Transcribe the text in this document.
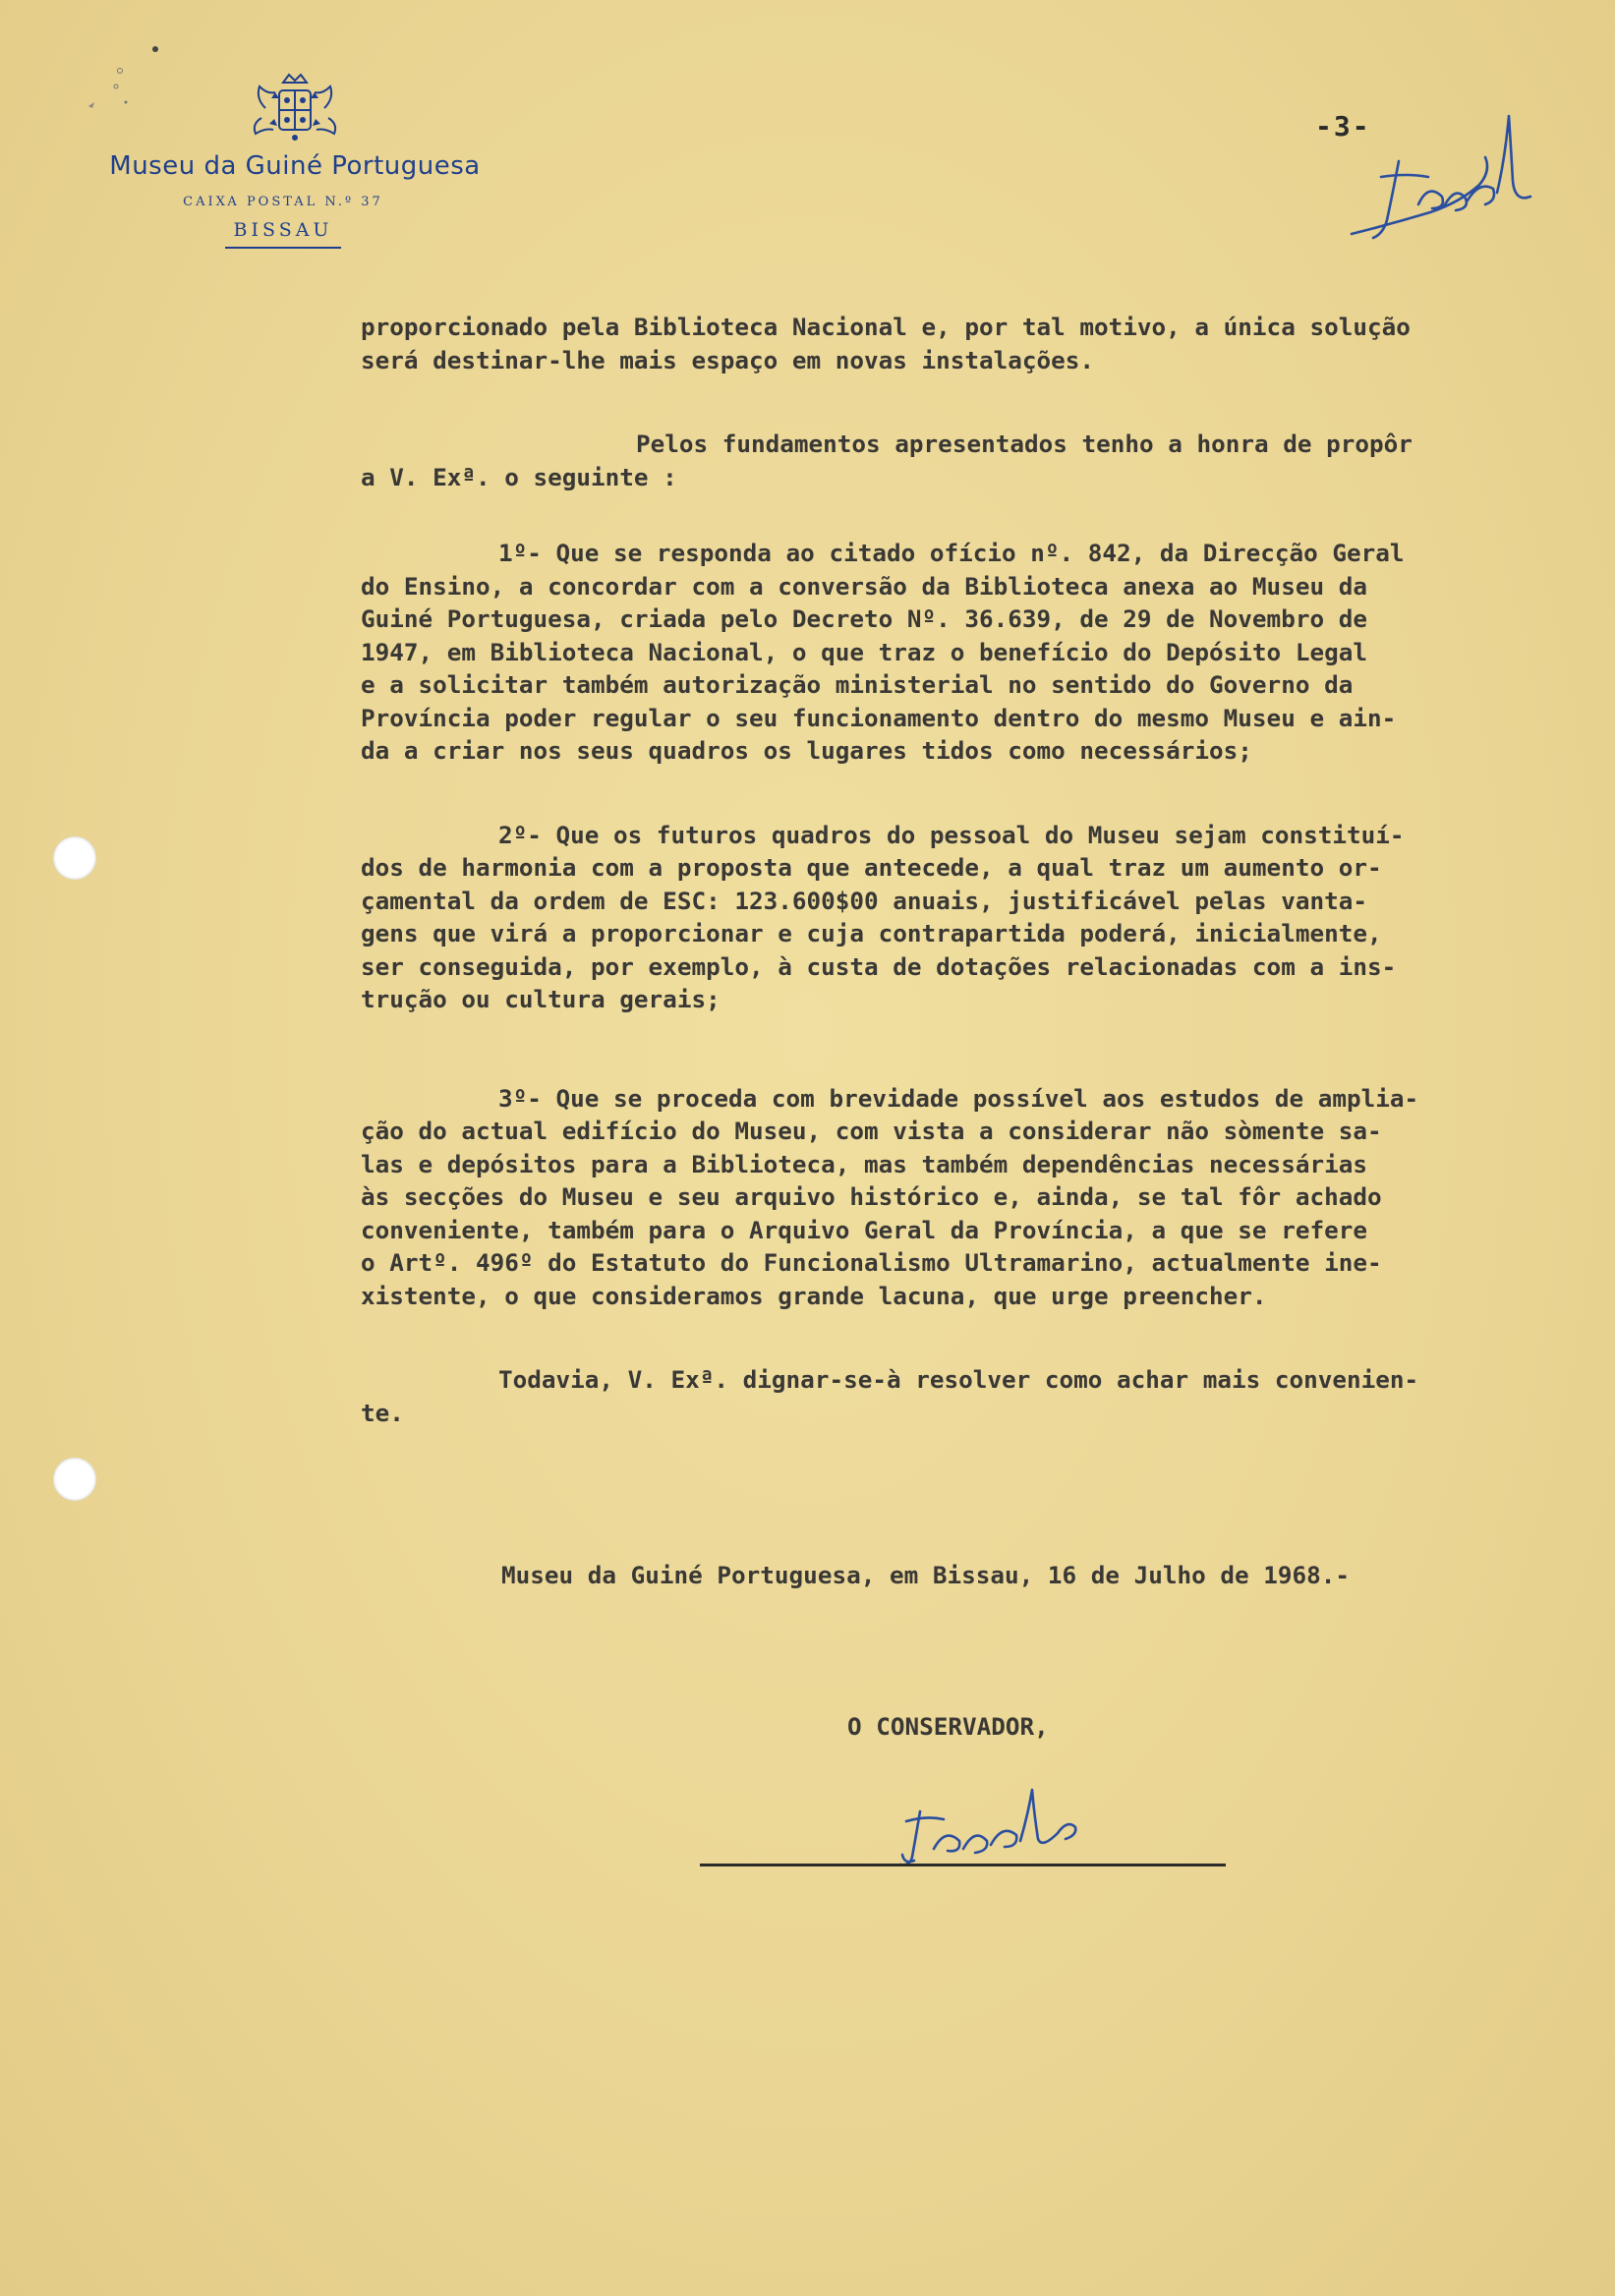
Museu da Guiné Portuguesa
CAIXA POSTAL N.º 37
BISSAU
-3-

proporcionado pela Biblioteca Nacional e, por tal motivo, a única solução
será destinar-lhe mais espaço em novas instalações.

Pelos fundamentos apresentados tenho a honra de propôr
a V. Exª. o seguinte :

1º- Que se responda ao citado ofício nº. 842, da Direcção Geral
do Ensino, a concordar com a conversão da Biblioteca anexa ao Museu da
Guiné Portuguesa, criada pelo Decreto Nº. 36.639, de 29 de Novembro de
1947, em Biblioteca Nacional, o que traz o benefício do Depósito Legal
e a solicitar também autorização ministerial no sentido do Governo da
Província poder regular o seu funcionamento dentro do mesmo Museu e ain-
da a criar nos seus quadros os lugares tidos como necessários;

2º- Que os futuros quadros do pessoal do Museu sejam constituí-
dos de harmonia com a proposta que antecede, a qual traz um aumento or-
çamental da ordem de ESC: 123.600$00 anuais, justificável pelas vanta-
gens que virá a proporcionar e cuja contrapartida poderá, inicialmente,
ser conseguida, por exemplo, à custa de dotações relacionadas com a ins-
trução ou cultura gerais;

3º- Que se proceda com brevidade possível aos estudos de amplia-
ção do actual edifício do Museu, com vista a considerar não sòmente sa-
las e depósitos para a Biblioteca, mas também dependências necessárias
às secções do Museu e seu arquivo histórico e, ainda, se tal fôr achado
conveniente, também para o Arquivo Geral da Província, a que se refere
o Artº. 496º do Estatuto do Funcionalismo Ultramarino, actualmente ine-
xistente, o que consideramos grande lacuna, que urge preencher.

Todavia, V. Exª. dignar-se-à resolver como achar mais convenien-
te.

Museu da Guiné Portuguesa, em Bissau, 16 de Julho de 1968.-
O CONSERVADOR,
